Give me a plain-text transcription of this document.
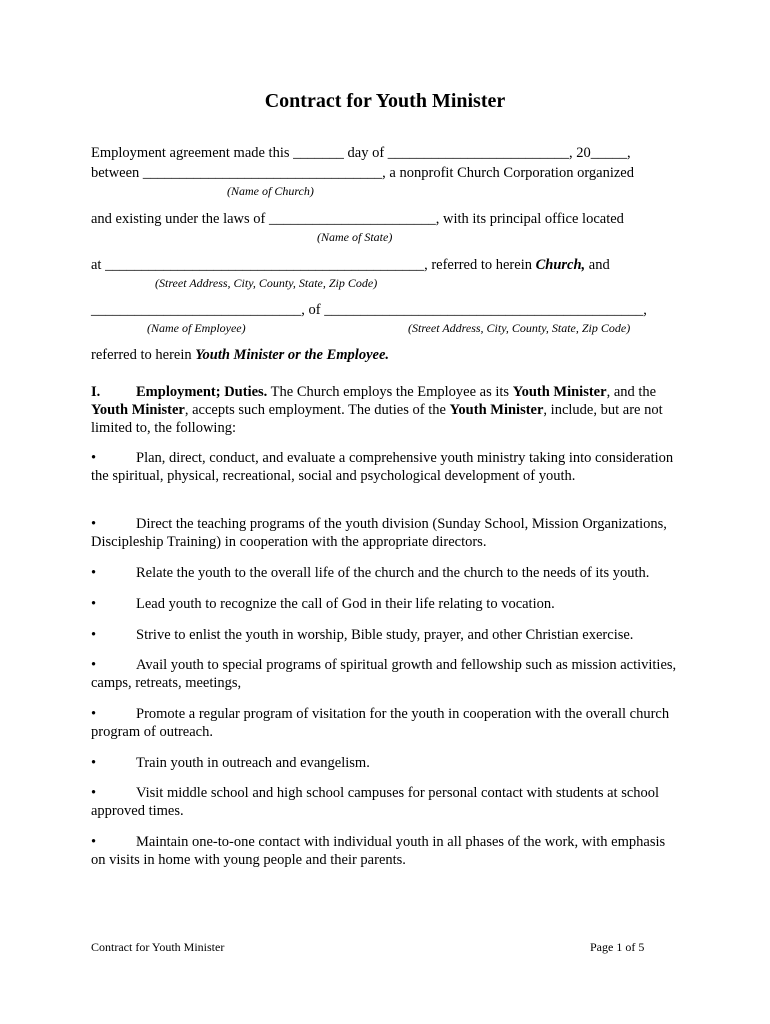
Contract for Youth Minister
Employment agreement made this _______ day of _________________________, 20_____,
between _________________________________, a nonprofit Church Corporation organized
(Name of Church)
and existing under the laws of _______________________, with its principal office located
(Name of State)
at ____________________________________________, referred to herein Church, and
(Street Address, City, County, State, Zip Code)
_____________________________, of ____________________________________________,
(Name of Employee)	(Street Address, City, County, State, Zip Code)
referred to herein Youth Minister or the Employee.
I. Employment; Duties. The Church employs the Employee as its Youth Minister, and the Youth Minister, accepts such employment. The duties of the Youth Minister, include, but are not limited to, the following:
•	Plan, direct, conduct, and evaluate a comprehensive youth ministry taking into consideration the spiritual, physical, recreational, social and psychological development of youth.
•	Direct the teaching programs of the youth division (Sunday School, Mission Organizations, Discipleship Training) in cooperation with the appropriate directors.
•	Relate the youth to the overall life of the church and the church to the needs of its youth.
•	Lead youth to recognize the call of God in their life relating to vocation.
•	Strive to enlist the youth in worship, Bible study, prayer, and other Christian exercise.
•	Avail youth to special programs of spiritual growth and fellowship such as mission activities, camps, retreats, meetings,
•	Promote a regular program of visitation for the youth in cooperation with the overall church program of outreach.
•	Train youth in outreach and evangelism.
•	Visit middle school and high school campuses for personal contact with students at school approved times.
•	Maintain one-to-one contact with individual youth in all phases of the work, with emphasis on visits in home with young people and their parents.
Contract for Youth Minister	Page 1 of 5
